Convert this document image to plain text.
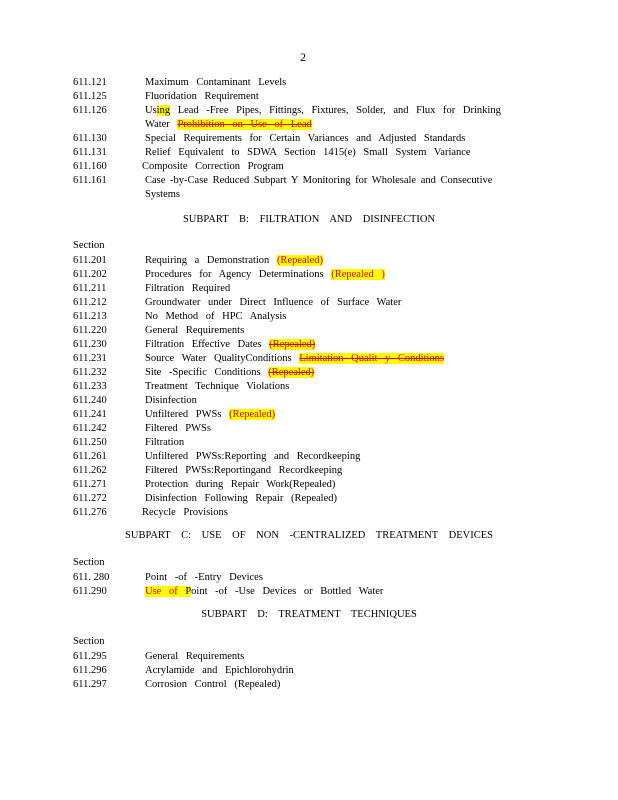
2
611.121	Maximum Contaminant Levels
611.125	Fluoridation Requirement
611.126	Using Lead -Free Pipes, Fittings, Fixtures, Solder, and Flux for Drinking
Water Prohibition on Use of Lead
611.130	Special Requirements for Certain Variances and Adjusted Standards
611.131	Relief Equivalent to SDWA Section 1415(e) Small System Variance
611.160	Composite Correction Program
611.161	Case -by-Case Reduced Subpart Y Monitoring for Wholesale and Consecutive
Systems
SUBPART B: FILTRATION AND DISINFECTION
Section
611.201	Requiring a Demonstration (Repealed)
611.202	Procedures for Agency Determinations (Repealed )
611.211	Filtration Required
611.212	Groundwater under Direct Influence of Surface Water
611.213	No Method of HPC Analysis
611.220	General Requirements
611.230	Filtration Effective Dates (Repealed)
611.231	Source Water QualityConditions Limitation Qualit y Conditions
611.232	Site -Specific Conditions (Repealed)
611.233	Treatment Technique Violations
611.240	Disinfection
611.241	Unfiltered PWSs (Repealed)
611.242	Filtered PWSs
611.250	Filtration
611.261	Unfiltered PWSs:Reporting and Recordkeeping
611.262	Filtered PWSs:Reportingand Recordkeeping
611.271	Protection during Repair Work(Repealed)
611.272	Disinfection Following Repair (Repealed)
611.276	Recycle Provisions
SUBPART C: USE OF NON -CENTRALIZED TREATMENT DEVICES
Section
611. 280	Point -of -Entry Devices
611.290	Use of Point -of -Use Devices or Bottled Water
SUBPART D: TREATMENT TECHNIQUES
Section
611.295	General Requirements
611.296	Acrylamide and Epichlorohydrin
611.297	Corrosion Control (Repealed)
